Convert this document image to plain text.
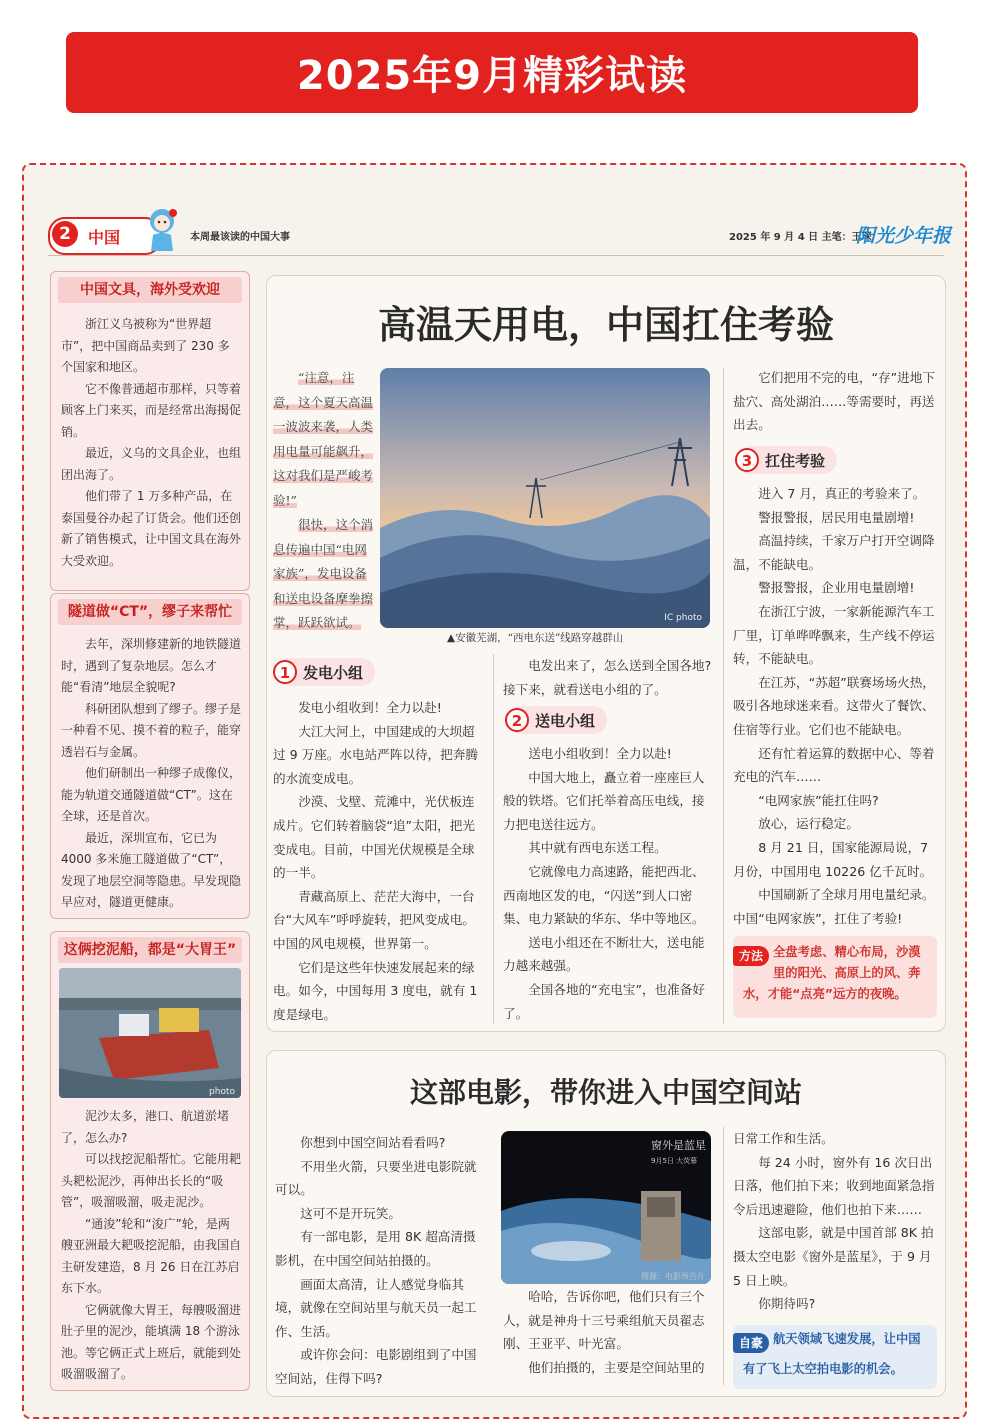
2025年9月精彩试读
2	中国	本周最该读的中国大事	2025 年 9 月 4 日 主笔：王琛
阳光少年报
中国文具，海外受欢迎

浙江义乌被称为“世界超市”，把中国商品卖到了 230 多个国家和地区。

它不像普通超市那样，只等着顾客上门来买，而是经常出海揭促销。

最近，义乌的文具企业，也组团出海了。

他们带了 1 万多种产品，在泰国曼谷办起了订货会。他们还创新了销售模式，让中国文具在海外大受欢迎。

隧道做“CT”，缪子来帮忙

去年，深圳修建新的地铁隧道时，遇到了复杂地层。怎么才能“看清”地层全貌呢?

科研团队想到了缪子。缪子是一种看不见、摸不着的粒子，能穿透岩石与金属。

他们研制出一种缪子成像仪，能为轨道交通隧道做“CT”。这在全球，还是首次。

最近，深圳宣布，它已为 4000 多米施工隧道做了“CT”，发现了地层空洞等隐患。早发现隐早应对，隧道更健康。

这俩挖泥船，都是“大胃王”
photo

泥沙太多，港口、航道淤堵了，怎么办?

可以找挖泥船帮忙。它能用耙头耙松泥沙，再伸出长长的“吸管”，吸溜吸溜，吸走泥沙。

“通浚”轮和“浚广”轮，是两艘亚洲最大耙吸挖泥船，由我国自主研发建造，8 月 26 日在江苏启东下水。

它俩就像大胃王，每艘吸溜进肚子里的泥沙，能填满 18 个游泳池。等它俩正式上班后，就能到处吸溜吸溜了。

高温天用电，中国扛住考验

“注意，注意，这个夏天高温一波波来袭，人类用电量可能飙升，这对我们是严峻考验!”

很快，这个消息传遍中国“电网家族”，发电设备和送电设备摩拳擦掌，跃跃欲试。	IC photo
▲安徽芜湖，“西电东送”线路穿越群山
1 发电小组

发电小组收到！全力以赴!

大江大河上，中国建成的大坝超过 9 万座。水电站严阵以待，把奔腾的水流变成电。

沙漠、戈壁、荒滩中，光伏板连成片。它们转着脑袋“追”太阳，把光变成电。目前，中国光伏规模是全球的一半。

青藏高原上、茫茫大海中，一台台“大风车”呼呼旋转，把风变成电。中国的风电规模，世界第一。

它们是这些年快速发展起来的绿电。如今，中国每用 3 度电，就有 1 度是绿电。

电发出来了，怎么送到全国各地? 接下来，就看送电小组的了。

2 送电小组

送电小组收到！全力以赴!

中国大地上，矗立着一座座巨人般的铁塔。它们托举着高压电线，接力把电送往远方。

其中就有西电东送工程。

它就像电力高速路，能把西北、西南地区发的电，“闪送”到人口密集、电力紧缺的华东、华中等地区。

送电小组还在不断壮大，送电能力越来越强。

全国各地的“充电宝”，也准备好了。

它们把用不完的电，“存”进地下盐穴、高处湖泊……等需要时，再送出去。

3 扛住考验

进入 7 月，真正的考验来了。

警报警报，居民用电量剧增!

高温持续，千家万户打开空调降温，不能缺电。

警报警报，企业用电量剧增!

在浙江宁波，一家新能源汽车工厂里，订单哗哗飘来，生产线不停运转，不能缺电。

在江苏，“苏超”联赛场场火热，吸引各地球迷来看。这带火了餐饮、住宿等行业。它们也不能缺电。

还有忙着运算的数据中心、等着充电的汽车……

“电网家族”能扛住吗?

放心，运行稳定。

8 月 21 日，国家能源局说，7 月份，中国用电 10226 亿千瓦时。

中国刷新了全球月用电量纪录。中国“电网家族”，扛住了考验!

方法 全盘考虑、精心布局，沙漠里的阳光、高原上的风、奔
水，才能“点亮”远方的夜晚。
这部电影，带你进入中国空间站

你想到中国空间站看看吗?

不用坐火箭，只要坐进电影院就可以。

这可不是开玩笑。

有一部电影，是用 8K 超高清摄影机，在中国空间站拍摄的。

画面太高清，让人感觉身临其境，就像在空间站里与航天员一起工作、生活。

或许你会问：电影剧组到了中国空间站，住得下吗?

窗外是蓝星
9月5日 大荧幕
图源：电影预告片

哈哈，告诉你吧，他们只有三个人，就是神舟十三号乘组航天员翟志刚、王亚平、叶光富。

他们拍摄的，主要是空间站里的

日常工作和生活。

每 24 小时，窗外有 16 次日出日落，他们拍下来；收到地面紧急指令后迅速避险，他们也拍下来……

这部电影，就是中国首部 8K 拍摄太空电影《窗外是蓝星》，于 9 月 5 日上映。

你期待吗?

自豪 航天领域飞速发展，让中国
有了飞上太空拍电影的机会。
